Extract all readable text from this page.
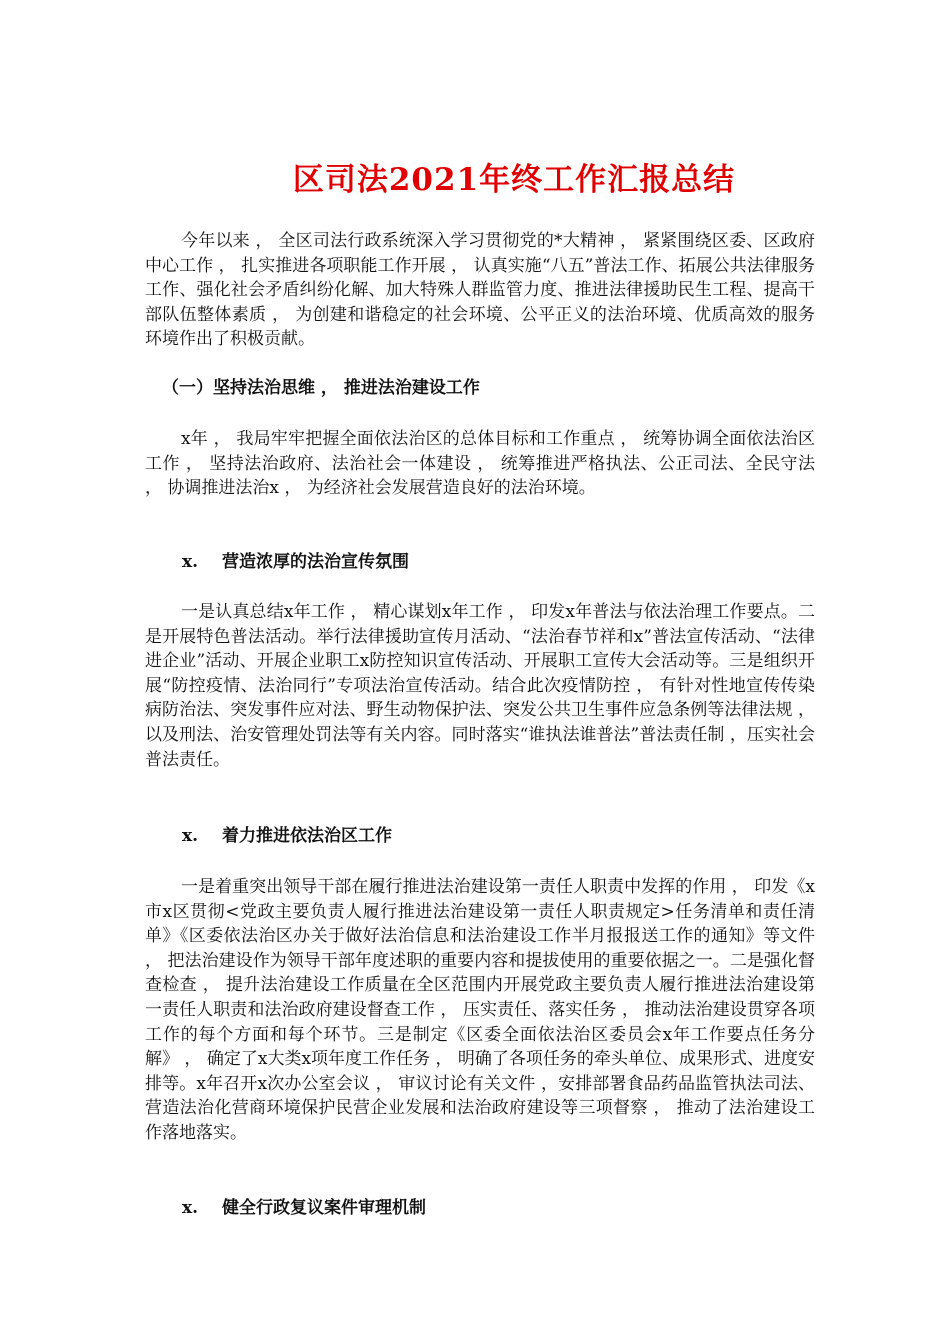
区司法2021年终工作汇报总结

今年以来 ， 全区司法行政系统深入学习贯彻党的*大精神 ， 紧紧围绕区委、区政府中心工作 ， 扎实推进各项职能工作开展 ， 认真实施“八五”普法工作、拓展公共法律服务工作、强化社会矛盾纠纷化解、加大特殊人群监管力度、推进法律援助民生工程、提高干部队伍整体素质 ， 为创建和谐稳定的社会环境、公平正义的法治环境、优质高效的服务环境作出了积极贡献。

（一）坚持法治思维 ， 推进法治建设工作

x年 ， 我局牢牢把握全面依法治区的总体目标和工作重点 ， 统筹协调全面依法治区工作 ， 坚持法治政府、法治社会一体建设 ， 统筹推进严格执法、公正司法、全民守法 ， 协调推进法治x ， 为经济社会发展营造良好的法治环境。

x. 营造浓厚的法治宣传氛围

一是认真总结x年工作 ， 精心谋划x年工作 ， 印发x年普法与依法治理工作要点。二是开展特色普法活动。举行法律援助宣传月活动、“法治春节祥和x”普法宣传活动、“法律进企业”活动、开展企业职工x防控知识宣传活动、开展职工宣传大会活动等。三是组织开展“防控疫情、法治同行”专项法治宣传活动。结合此次疫情防控 ， 有针对性地宣传传染病防治法、突发事件应对法、野生动物保护法、突发公共卫生事件应急条例等法律法规 ， 以及刑法、治安管理处罚法等有关内容。同时落实“谁执法谁普法”普法责任制 ，压实社会普法责任。

x. 着力推进依法治区工作

一是着重突出领导干部在履行推进法治建设第一责任人职责中发挥的作用 ， 印发《x市x区贯彻<党政主要负责人履行推进法治建设第一责任人职责规定>任务清单和责任清单》《区委依法治区办关于做好法治信息和法治建设工作半月报报送工作的通知》等文件 ， 把法治建设作为领导干部年度述职的重要内容和提拔使用的重要依据之一。二是强化督查检查 ， 提升法治建设工作质量在全区范围内开展党政主要负责人履行推进法治建设第一责任人职责和法治政府建设督查工作 ， 压实责任、落实任务 ， 推动法治建设贯穿各项工作的每个方面和每个环节。三是制定《区委全面依法治区委员会x年工作要点任务分解》 ， 确定了x大类x项年度工作任务 ， 明确了各项任务的牵头单位、成果形式、进度安排等。x年召开x次办公室会议 ， 审议讨论有关文件 ，安排部署食品药品监管执法司法、营造法治化营商环境保护民营企业发展和法治政府建设等三项督察 ， 推动了法治建设工作落地落实。

x. 健全行政复议案件审理机制
